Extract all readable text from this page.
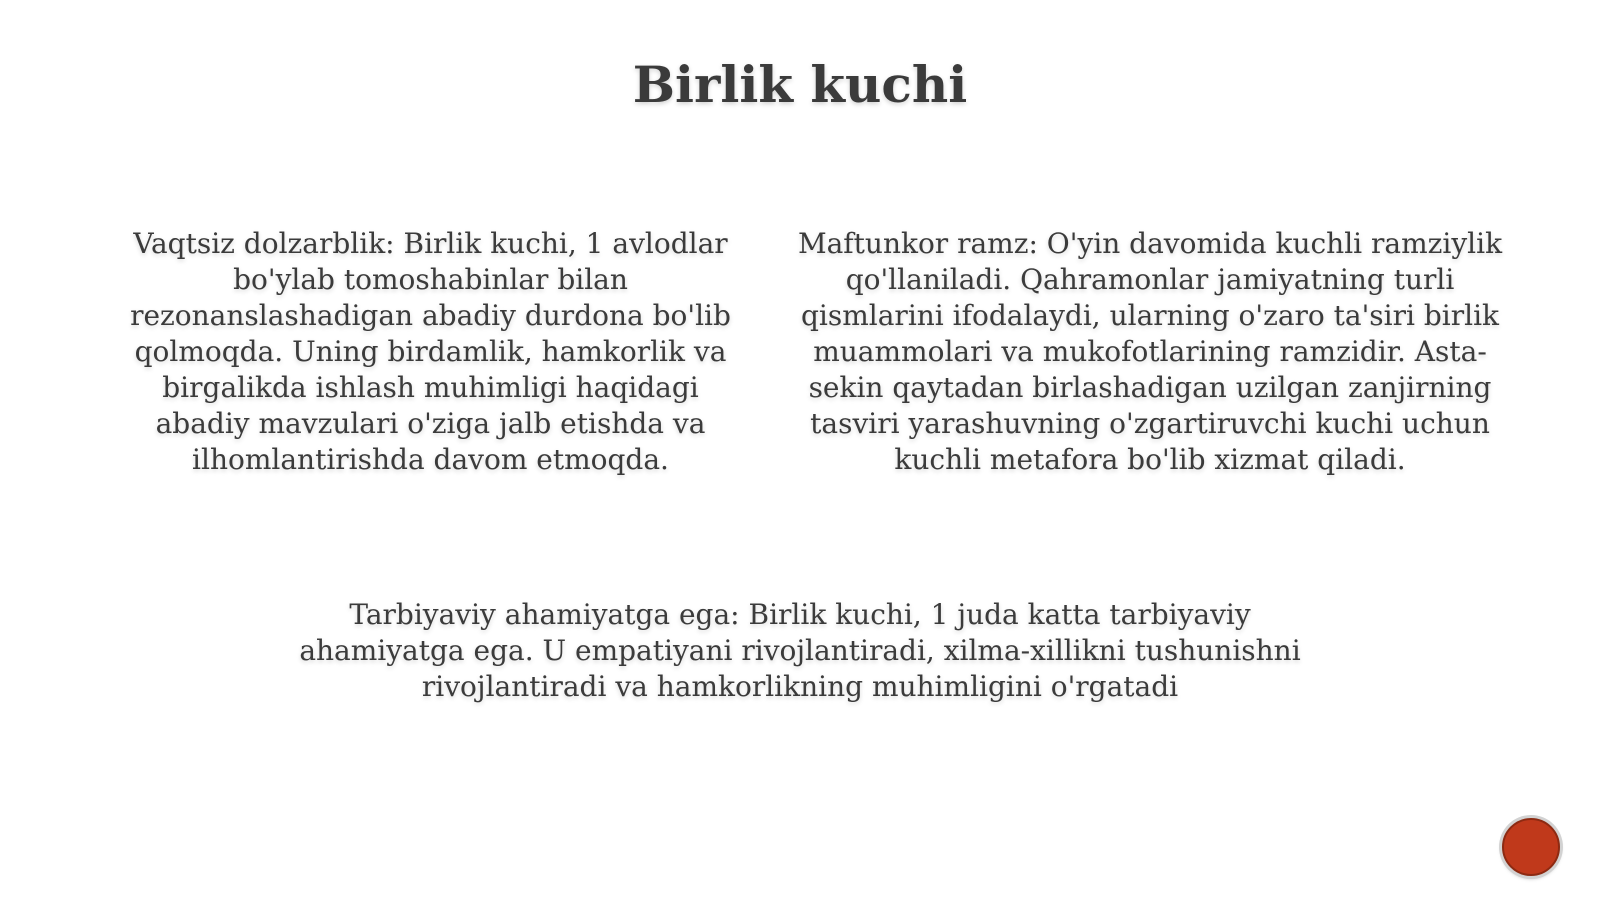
Birlik kuchi

Vaqtsiz dolzarblik: Birlik kuchi, 1 avlodlar bo'ylab tomoshabinlar bilan rezonanslashadigan abadiy durdona bo'lib qolmoqda. Uning birdamlik, hamkorlik va birgalikda ishlash muhimligi haqidagi abadiy mavzulari o'ziga jalb etishda va ilhomlantirishda davom etmoqda.

Maftunkor ramz: O'yin davomida kuchli ramziylik qo'llaniladi. Qahramonlar jamiyatning turli qismlarini ifodalaydi, ularning o'zaro ta'siri birlik muammolari va mukofotlarining ramzidir. Asta-sekin qaytadan birlashadigan uzilgan zanjirning tasviri yarashuvning o'zgartiruvchi kuchi uchun kuchli metafora bo'lib xizmat qiladi.

Tarbiyaviy ahamiyatga ega: Birlik kuchi, 1 juda katta tarbiyaviy ahamiyatga ega. U empatiyani rivojlantiradi, xilma-xillikni tushunishni rivojlantiradi va hamkorlikning muhimligini o'rgatadi
